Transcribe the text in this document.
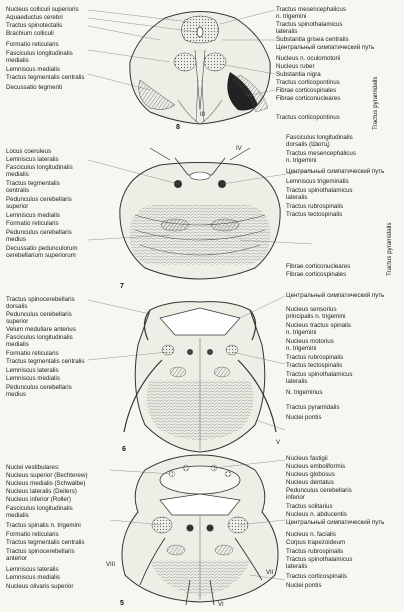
8	Tractus pyramidalis
III
Nucleus colliculi superioris
Aquaeductus cerebri
Tractus spinotectalis
Brachium colliculi
Formatio reticularis
Fasciculus longitudinalis
medialis
Lemniscus medialis
Tractus tegmentalis centralis
Decussatio tegmenti
Tractus mesencephalicus
n. trigemini
Tractus spinothalamicus
lateralis
Substantia grisea centralis
Центральный симпатический путь
Nucleus n. oculomotorii
Nucleus ruber
Substantia nigra
Tractus corticopontinus
Fibrae corticospinales
Fibrae corticonucleares
Tractus corticopontinus
7
Tractus pyramidalis
IV
Locus coeruleus
Lemniscus lateralis
Fasciculus longitudinalis
medialis
Tractus tegmentalis
centralis
Pedunculus cerebellaris
superior
Lemniscus medialis
Formatio reticularis
Pedunculus cerebellaris
medius
Decussatio pedunculorum
cerebellarium superiorum
Fasciculus longitudinalis
dorsalis (Шютц)
Tractus mesencephalicus
n. trigemini
Центральный симпатический путь
Lemniscus trigeminalis
Tractus spinothalamicus
lateralis
Tractus rubrospinalis
Tractus tectospinalis
Fibrae corticonucleares
Fibrae corticospinales
6
V
Tractus spinocerebellaris
dorsalis
Pedunculus cerebellaris
superior
Velum medullare anterius
Fasciculus longitudinalis
medialis
Formatio reticularis
Tractus tegmentalis centralis
Lemniscus lateralis
Lemniscus medialis
Pedunculus cerebellaris
medius
Центральный симпатический путь
Nucleus sensorius
principalis n. trigemini
Nucleus tractus spinalis
n. trigemini
Nucleus motorius
n. trigemini
Tractus rubrospinalis
Tractus tectospinalis
Tractus spinothalamicus
lateralis
N. trigeminus
Tractus pyramidalis
Nuclei pontis
5
VIII
VII
VI
Nuclei vestibulares:
Nucleus superior (Bechterew)
Nucleus medialis (Schwalbe)
Nucleus lateralis (Deiters)
Nucleus inferior (Roller)
Fasciculus longitudinalis
medialis
Tractus spinalis n. trigemini
Formatio reticularis
Tractus tegmentalis centralis
Tractus spinocerebellaris
anterior
Lemniscus lateralis
Lemniscus medialis
Nucleus olivaris superior
Nucleus fastigii
Nucleus emboliformis
Nucleus globosus
Nucleus dentatus
Pedunculus cerebellaris
inferior
Tractus solitarius
Nucleus n. abducentis
Центральный симпатический путь
Nucleus n. facialis
Corpus trapezoideum
Tractus rubrospinalis
Tractus spinothalamicus
lateralis
Tractus corticospinalis
Nuclei pontis
